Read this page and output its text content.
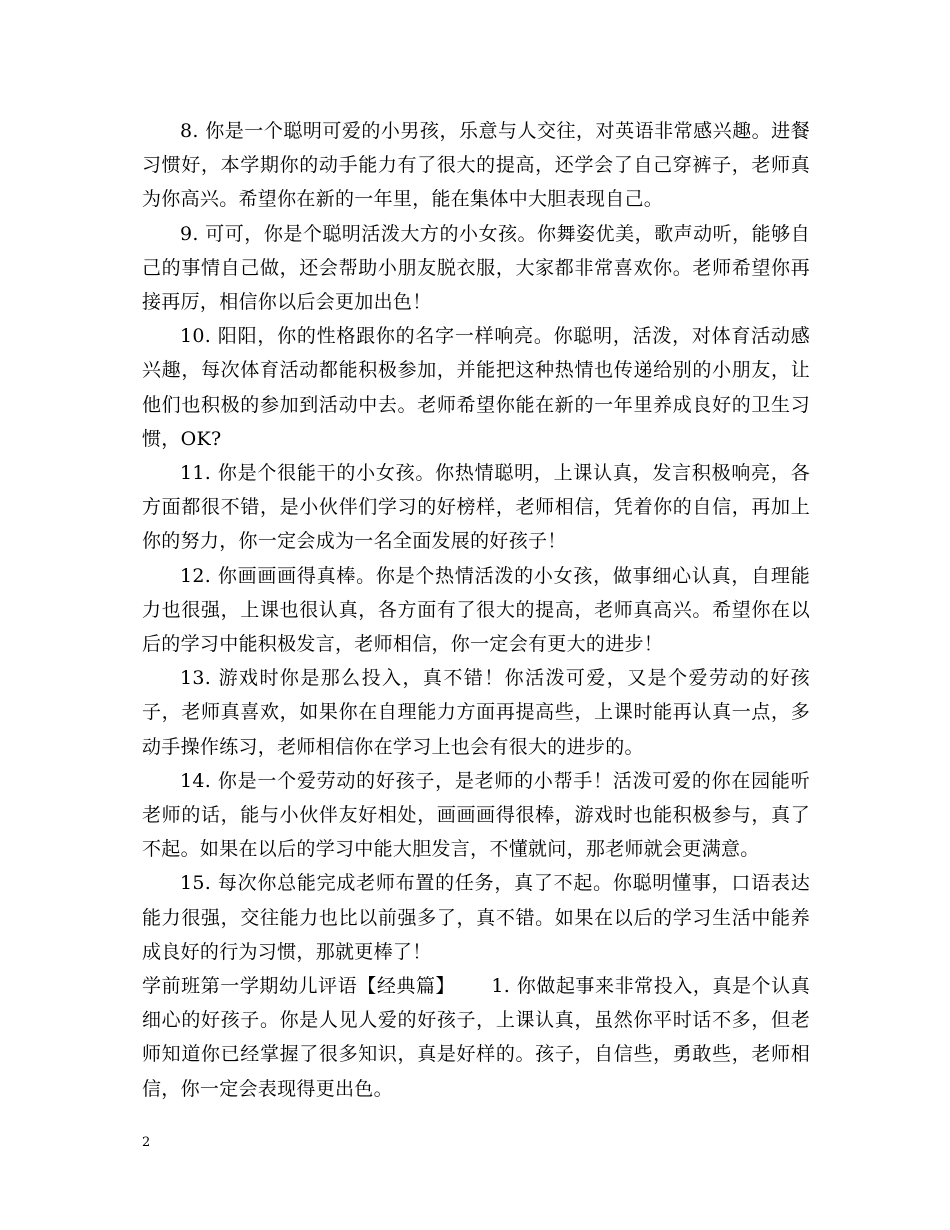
8. 你是一个聪明可爱的小男孩，乐意与人交往，对英语非常感兴趣。进餐习惯好，本学期你的动手能力有了很大的提高，还学会了自己穿裤子，老师真为你高兴。希望你在新的一年里，能在集体中大胆表现自己。

9. 可可，你是个聪明活泼大方的小女孩。你舞姿优美，歌声动听，能够自己的事情自己做，还会帮助小朋友脱衣服，大家都非常喜欢你。老师希望你再接再厉，相信你以后会更加出色！

10. 阳阳，你的性格跟你的名字一样响亮。你聪明，活泼，对体育活动感兴趣，每次体育活动都能积极参加，并能把这种热情也传递给别的小朋友，让他们也积极的参加到活动中去。老师希望你能在新的一年里养成良好的卫生习惯，OK?

11. 你是个很能干的小女孩。你热情聪明，上课认真，发言积极响亮，各方面都很不错，是小伙伴们学习的好榜样，老师相信，凭着你的自信，再加上你的努力，你一定会成为一名全面发展的好孩子！

12. 你画画画得真棒。你是个热情活泼的小女孩，做事细心认真，自理能力也很强，上课也很认真，各方面有了很大的提高，老师真高兴。希望你在以后的学习中能积极发言，老师相信，你一定会有更大的进步！

13. 游戏时你是那么投入，真不错！你活泼可爱，又是个爱劳动的好孩子，老师真喜欢，如果你在自理能力方面再提高些，上课时能再认真一点，多动手操作练习，老师相信你在学习上也会有很大的进步的。

14. 你是一个爱劳动的好孩子，是老师的小帮手！活泼可爱的你在园能听老师的话，能与小伙伴友好相处，画画画得很棒，游戏时也能积极参与，真了不起。如果在以后的学习中能大胆发言，不懂就问，那老师就会更满意。

15. 每次你总能完成老师布置的任务，真了不起。你聪明懂事，口语表达能力很强，交往能力也比以前强多了，真不错。如果在以后的学习生活中能养成良好的行为习惯，那就更棒了！

学前班第一学期幼儿评语【经典篇】　　 1. 你做起事来非常投入，真是个认真细心的好孩子。你是人见人爱的好孩子，上课认真，虽然你平时话不多，但老师知道你已经掌握了很多知识，真是好样的。孩子，自信些，勇敢些，老师相信，你一定会表现得更出色。

2
